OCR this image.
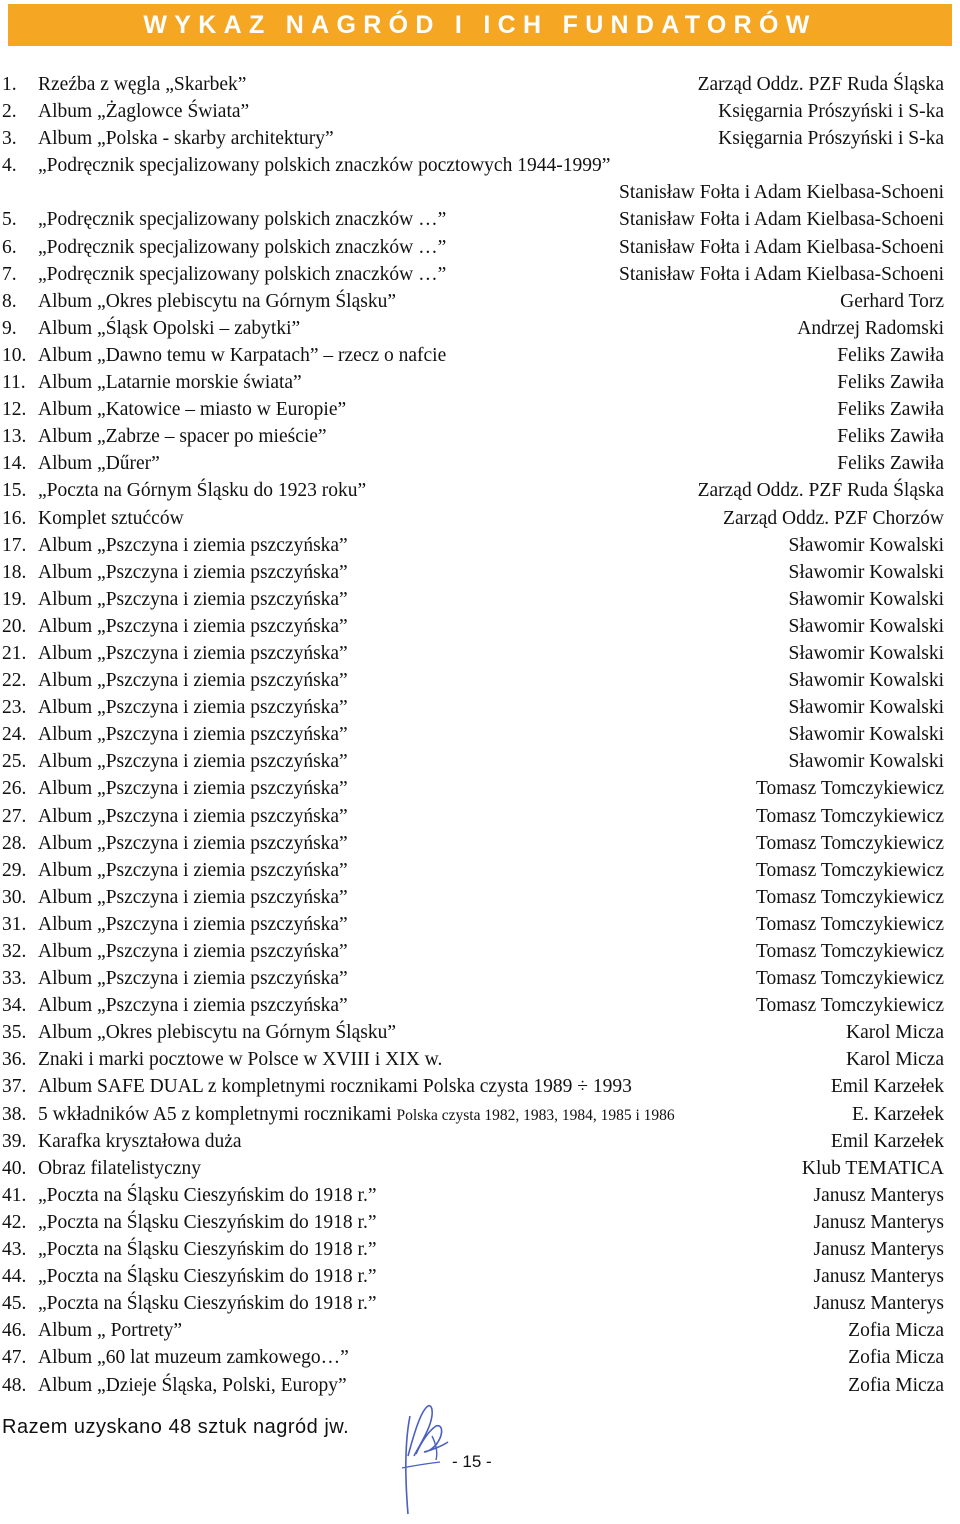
WYKAZ NAGRÓD I ICH FUNDATORÓW
1. Rzeźba z węgla „Skarbek”	Zarząd Oddz. PZF Ruda Śląska
2. Album „Żaglowce Świata”	Księgarnia Prószyński i S-ka
3. Album „Polska - skarby architektury”	Księgarnia Prószyński i S-ka
4. „Podręcznik specjalizowany polskich znaczków pocztowych 1944-1999”
Stanisław Fołta i Adam Kielbasa-Schoeni
5. „Podręcznik specjalizowany polskich znaczków …”	Stanisław Fołta i Adam Kielbasa-Schoeni
6. „Podręcznik specjalizowany polskich znaczków …”	Stanisław Fołta i Adam Kielbasa-Schoeni
7. „Podręcznik specjalizowany polskich znaczków …”	Stanisław Fołta i Adam Kielbasa-Schoeni
8. Album „Okres plebiscytu na Górnym Śląsku”	Gerhard Torz
9. Album „Śląsk Opolski – zabytki”	Andrzej Radomski
10. Album „Dawno temu w Karpatach” – rzecz o nafcie	Feliks Zawiła
11. Album „Latarnie morskie świata”	Feliks Zawiła
12. Album „Katowice – miasto w Europie”	Feliks Zawiła
13. Album „Zabrze – spacer po mieście”	Feliks Zawiła
14. Album „Dűrer”	Feliks Zawiła
15. „Poczta na Górnym Śląsku do 1923 roku”	Zarząd Oddz. PZF Ruda Śląska
16. Komplet sztućców	Zarząd Oddz. PZF Chorzów
17. Album „Pszczyna i ziemia pszczyńska”	Sławomir Kowalski
18. Album „Pszczyna i ziemia pszczyńska”	Sławomir Kowalski
19. Album „Pszczyna i ziemia pszczyńska”	Sławomir Kowalski
20. Album „Pszczyna i ziemia pszczyńska”	Sławomir Kowalski
21. Album „Pszczyna i ziemia pszczyńska”	Sławomir Kowalski
22. Album „Pszczyna i ziemia pszczyńska”	Sławomir Kowalski
23. Album „Pszczyna i ziemia pszczyńska”	Sławomir Kowalski
24. Album „Pszczyna i ziemia pszczyńska”	Sławomir Kowalski
25. Album „Pszczyna i ziemia pszczyńska”	Sławomir Kowalski
26. Album „Pszczyna i ziemia pszczyńska”	Tomasz Tomczykiewicz
27. Album „Pszczyna i ziemia pszczyńska”	Tomasz Tomczykiewicz
28. Album „Pszczyna i ziemia pszczyńska”	Tomasz Tomczykiewicz
29. Album „Pszczyna i ziemia pszczyńska”	Tomasz Tomczykiewicz
30. Album „Pszczyna i ziemia pszczyńska”	Tomasz Tomczykiewicz
31. Album „Pszczyna i ziemia pszczyńska”	Tomasz Tomczykiewicz
32. Album „Pszczyna i ziemia pszczyńska”	Tomasz Tomczykiewicz
33. Album „Pszczyna i ziemia pszczyńska”	Tomasz Tomczykiewicz
34. Album „Pszczyna i ziemia pszczyńska”	Tomasz Tomczykiewicz
35. Album „Okres plebiscytu na Górnym Śląsku”	Karol Micza
36. Znaki i marki pocztowe w Polsce w XVIII i XIX w.	Karol Micza
37. Album SAFE DUAL z kompletnymi rocznikami Polska czysta 1989 ÷ 1993	Emil Karzełek
38. 5 wkładników A5 z kompletnymi rocznikami Polska czysta 1982, 1983, 1984, 1985 i 1986	E. Karzełek
39. Karafka kryształowa duża	Emil Karzełek
40. Obraz filatelistyczny	Klub TEMATICA
41. „Poczta na Śląsku Cieszyńskim do 1918 r.”	Janusz Manterys
42. „Poczta na Śląsku Cieszyńskim do 1918 r.”	Janusz Manterys
43. „Poczta na Śląsku Cieszyńskim do 1918 r.”	Janusz Manterys
44. „Poczta na Śląsku Cieszyńskim do 1918 r.”	Janusz Manterys
45. „Poczta na Śląsku Cieszyńskim do 1918 r.”	Janusz Manterys
46. Album „ Portrety”	Zofia Micza
47. Album „60 lat muzeum zamkowego…”	Zofia Micza
48. Album „Dzieje Śląska, Polski, Europy”	Zofia Micza
Razem uzyskano 48 sztuk nagród jw.
- 15 -
